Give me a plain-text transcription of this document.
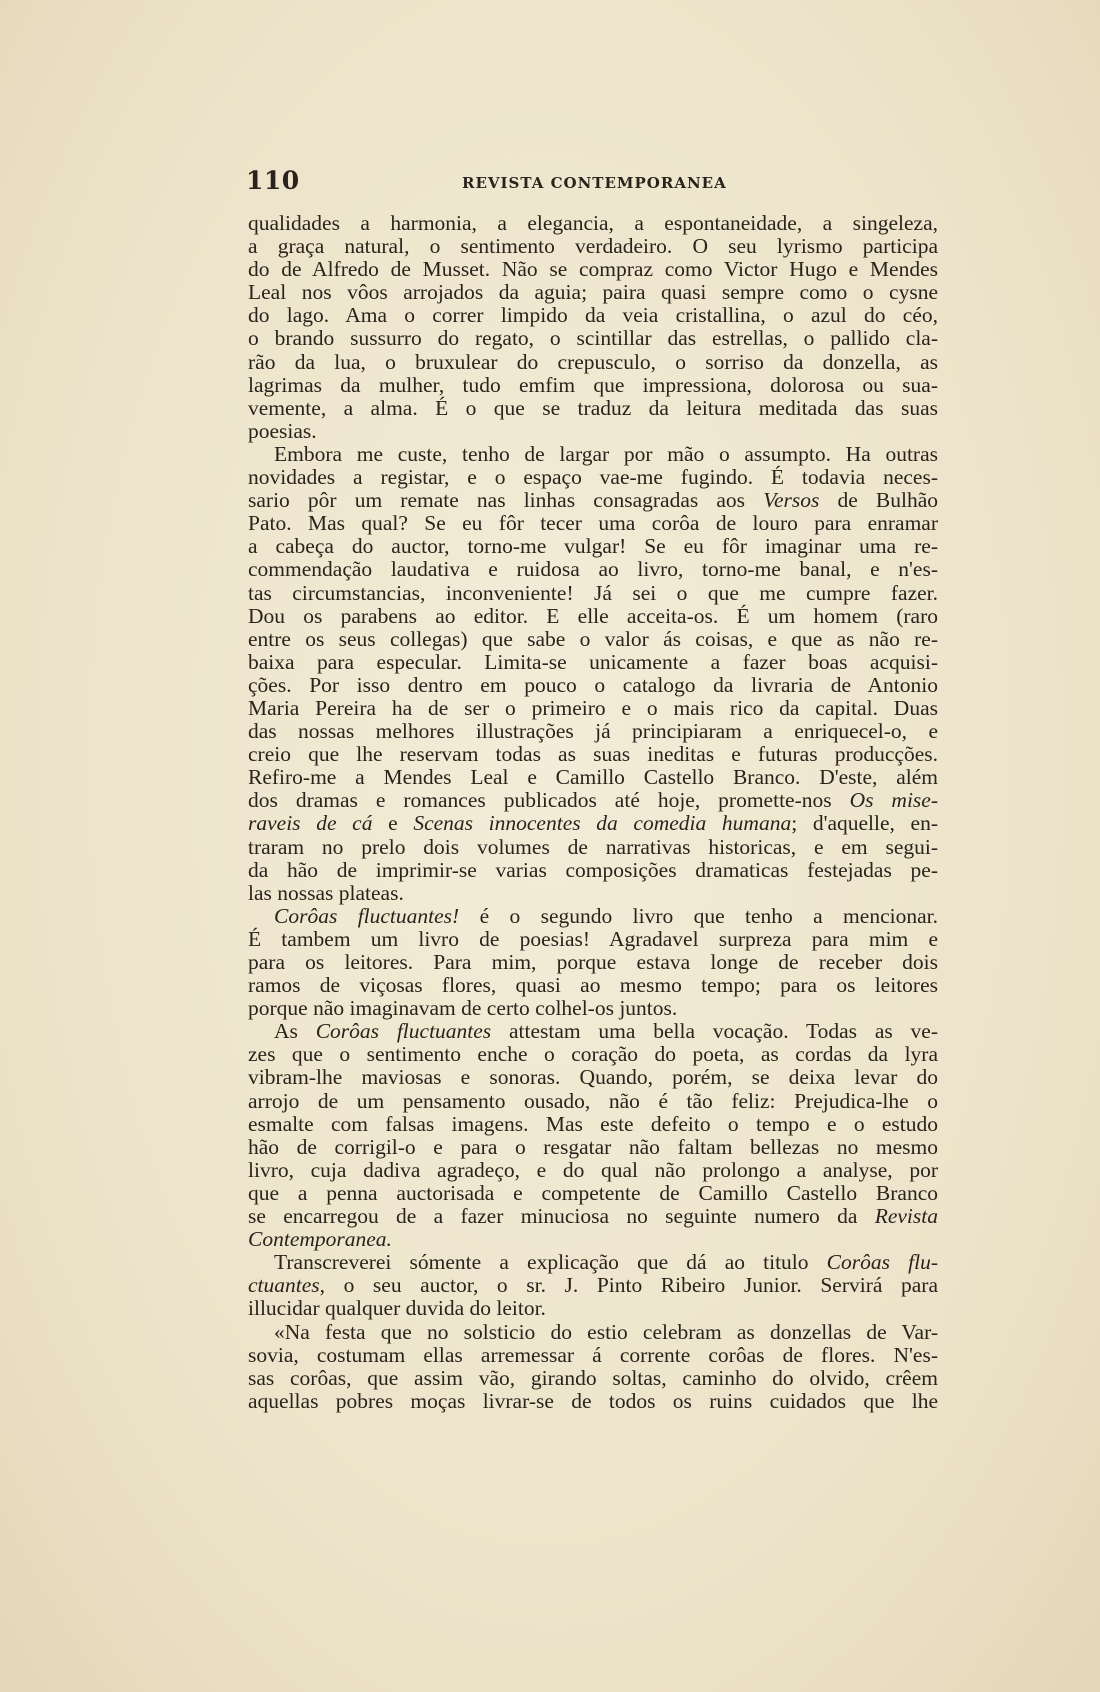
110	REVISTA CONTEMPORANEA
qualidades a harmonia, a elegancia, a espontaneidade, a singeleza,
a graça natural, o sentimento verdadeiro. O seu lyrismo participa
do de Alfredo de Musset. Não se compraz como Victor Hugo e Mendes
Leal nos vôos arrojados da aguia; paira quasi sempre como o cysne
do lago. Ama o correr limpido da veia cristallina, o azul do céo,
o brando sussurro do regato, o scintillar das estrellas, o pallido cla-
rão da lua, o bruxulear do crepusculo, o sorriso da donzella, as
lagrimas da mulher, tudo emfim que impressiona, dolorosa ou sua-
vemente, a alma. É o que se traduz da leitura meditada das suas
poesias.
Embora me custe, tenho de largar por mão o assumpto. Ha outras
novidades a registar, e o espaço vae-me fugindo. É todavia neces-
sario pôr um remate nas linhas consagradas aos Versos de Bulhão
Pato. Mas qual? Se eu fôr tecer uma corôa de louro para enramar
a cabeça do auctor, torno-me vulgar! Se eu fôr imaginar uma re-
commendação laudativa e ruidosa ao livro, torno-me banal, e n'es-
tas circumstancias, inconveniente! Já sei o que me cumpre fazer.
Dou os parabens ao editor. E elle acceita-os. É um homem (raro
entre os seus collegas) que sabe o valor ás coisas, e que as não re-
baixa para especular. Limita-se unicamente a fazer boas acquisi-
ções. Por isso dentro em pouco o catalogo da livraria de Antonio
Maria Pereira ha de ser o primeiro e o mais rico da capital. Duas
das nossas melhores illustrações já principiaram a enriquecel-o, e
creio que lhe reservam todas as suas ineditas e futuras producções.
Refiro-me a Mendes Leal e Camillo Castello Branco. D'este, além
dos dramas e romances publicados até hoje, promette-nos Os mise-
raveis de cá e Scenas innocentes da comedia humana; d'aquelle, en-
traram no prelo dois volumes de narrativas historicas, e em segui-
da hão de imprimir-se varias composições dramaticas festejadas pe-
las nossas plateas.
Corôas fluctuantes! é o segundo livro que tenho a mencionar.
É tambem um livro de poesias! Agradavel surpreza para mim e
para os leitores. Para mim, porque estava longe de receber dois
ramos de viçosas flores, quasi ao mesmo tempo; para os leitores
porque não imaginavam de certo colhel-os juntos.
As Corôas fluctuantes attestam uma bella vocação. Todas as ve-
zes que o sentimento enche o coração do poeta, as cordas da lyra
vibram-lhe maviosas e sonoras. Quando, porém, se deixa levar do
arrojo de um pensamento ousado, não é tão feliz: Prejudica-lhe o
esmalte com falsas imagens. Mas este defeito o tempo e o estudo
hão de corrigil-o e para o resgatar não faltam bellezas no mesmo
livro, cuja dadiva agradeço, e do qual não prolongo a analyse, por
que a penna auctorisada e competente de Camillo Castello Branco
se encarregou de a fazer minuciosa no seguinte numero da Revista
Contemporanea.
Transcreverei sómente a explicação que dá ao titulo Corôas flu-
ctuantes, o seu auctor, o sr. J. Pinto Ribeiro Junior. Servirá para
illucidar qualquer duvida do leitor.
«Na festa que no solsticio do estio celebram as donzellas de Var-
sovia, costumam ellas arremessar á corrente corôas de flores. N'es-
sas corôas, que assim vão, girando soltas, caminho do olvido, crêem
aquellas pobres moças livrar-se de todos os ruins cuidados que lhe
